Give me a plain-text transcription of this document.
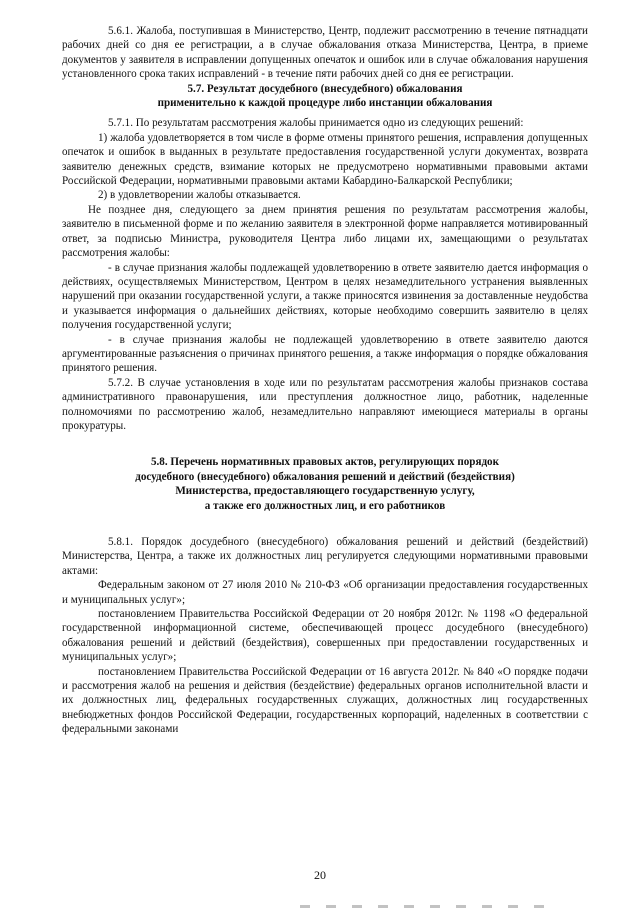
5.6.1. Жалоба, поступившая в Министерство, Центр, подлежит рассмотрению в течение пятнадцати рабочих дней со дня ее регистрации, а в случае обжалования отказа Министерства, Центра, в приеме документов у заявителя в исправлении допущенных опечаток и ошибок или в случае обжалования нарушения установленного срока таких исправлений - в течение пяти рабочих дней со дня ее регистрации.

5.7. Результат досудебного (внесудебного) обжалования

применительно к каждой процедуре либо инстанции обжалования

5.7.1. По результатам рассмотрения жалобы принимается одно из следующих решений:

1) жалоба удовлетворяется в том числе в форме отмены принятого решения, исправления допущенных опечаток и ошибок в выданных в результате предоставления государственной услуги документах, возврата заявителю денежных средств, взимание которых не предусмотрено нормативными правовыми актами Российской Федерации, нормативными правовыми актами Кабардино-Балкарской Республики;

2) в удовлетворении жалобы отказывается.

Не позднее дня, следующего за днем принятия решения по результатам рассмотрения жалобы, заявителю в письменной форме и по желанию заявителя в электронной форме направляется мотивированный ответ, за подписью Министра, руководителя Центра либо лицами их, замещающими о результатах рассмотрения жалобы:

- в случае признания жалобы подлежащей удовлетворению в ответе заявителю дается информация о действиях, осуществляемых Министерством, Центром в целях незамедлительного устранения выявленных нарушений при оказании государственной услуги, а также приносятся извинения за доставленные неудобства и указывается информация о дальнейших действиях, которые необходимо совершить заявителю в целях получения государственной услуги;

- в случае признания жалобы не подлежащей удовлетворению в ответе заявителю даются аргументированные разъяснения о причинах принятого решения, а также информация о порядке обжалования принятого решения.

5.7.2. В случае установления в ходе или по результатам рассмотрения жалобы признаков состава административного правонарушения, или преступления должностное лицо, работник, наделенные полномочиями по рассмотрению жалоб, незамедлительно направляют имеющиеся материалы в органы прокуратуры.

5.8. Перечень нормативных правовых актов, регулирующих порядок

досудебного (внесудебного) обжалования решений и действий (бездействия)

Министерства, предоставляющего государственную услугу,

а также его должностных лиц, и его работников

5.8.1. Порядок досудебного (внесудебного) обжалования решений и действий (бездействий) Министерства, Центра, а также их должностных лиц регулируется следующими нормативными правовыми актами:

Федеральным законом от 27 июля 2010 № 210-ФЗ «Об организации предоставления государственных и муниципальных услуг»;

постановлением Правительства Российской Федерации от 20 ноября 2012г. № 1198 «О федеральной государственной информационной системе, обеспечивающей процесс досудебного (внесудебного) обжалования решений и действий (бездействия), совершенных при предоставлении государственных и муниципальных услуг»;

постановлением Правительства Российской Федерации от 16 августа 2012г. № 840 «О порядке подачи и рассмотрения жалоб на решения и действия (бездействие) федеральных органов исполнительной власти и их должностных лиц, федеральных государственных служащих, должностных лиц государственных внебюджетных фондов Российской Федерации, государственных корпораций, наделенных в соответствии с федеральными законами

20
